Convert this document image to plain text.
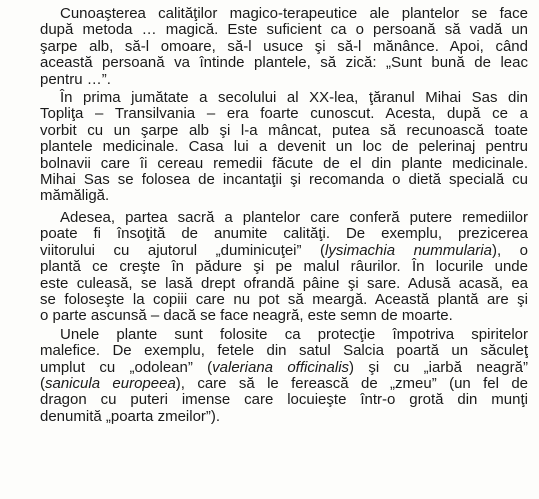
Cunoaşterea calităţilor magico-terapeutice ale plantelor se face
după metoda … magică. Este suficient ca o persoană să vadă un
şarpe alb, să-l omoare, să-l usuce şi să-l mănânce. Apoi, când
această persoană va întinde plantele, să zică: „Sunt bună de leac
pentru …”.

În prima jumătate a secolului al XX-lea, ţăranul Mihai Sas din
Topliţa – Transilvania – era foarte cunoscut. Acesta, după ce a
vorbit cu un şarpe alb şi l-a mâncat, putea să recunoască toate
plantele medicinale. Casa lui a devenit un loc de pelerinaj pentru
bolnavii care îi cereau remedii făcute de el din plante medicinale.
Mihai Sas se folosea de incantaţii şi recomanda o dietă specială cu
mămăligă.

Adesea, partea sacră a plantelor care conferă putere remediilor
poate fi însoţită de anumite calităţi. De exemplu, prezicerea
viitorului cu ajutorul „duminicuţei” (lysimachia nummularia), o
plantă ce creşte în pădure şi pe malul râurilor. În locurile unde
este culeasă, se lasă drept ofrandă pâine şi sare. Adusă acasă, ea
se foloseşte la copiii care nu pot să meargă. Această plantă are şi
o parte ascunsă – dacă se face neagră, este semn de moarte.

Unele plante sunt folosite ca protecţie împotriva spiritelor
malefice. De exemplu, fetele din satul Salcia poartă un săculeţ
umplut cu „odolean” (valeriana officinalis) şi cu „iarbă neagră”
(sanicula europeea), care să le ferească de „zmeu” (un fel de
dragon cu puteri imense care locuieşte într-o grotă din munţi
denumită „poarta zmeilor”).
